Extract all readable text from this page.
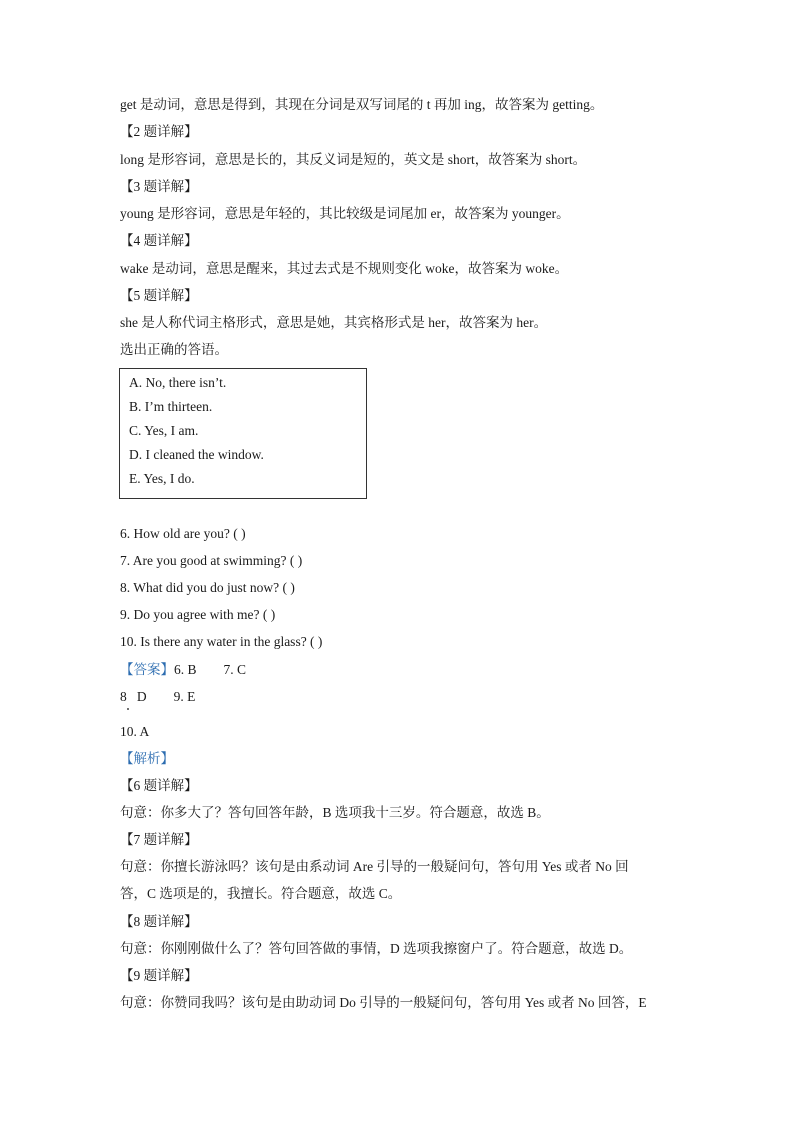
get 是动词，意思是得到，其现在分词是双写词尾的 t 再加 ing，故答案为 getting。
【2 题详解】
long 是形容词，意思是长的，其反义词是短的，英文是 short，故答案为 short。
【3 题详解】
young 是形容词，意思是年轻的，其比较级是词尾加 er，故答案为 younger。
【4 题详解】
wake 是动词，意思是醒来，其过去式是不规则变化 woke，故答案为 woke。
【5 题详解】
she 是人称代词主格形式，意思是她，其宾格形式是 her，故答案为 her。
选出正确的答语。
A. No, there isn’t.
B. I’m thirteen.
C. Yes, I am.
D. I cleaned the window.
E. Yes, I do.
6. How old are you? ( )
7. Are you good at swimming? ( )
8. What did you do just now? ( )
9. Do you agree with me? ( )
10. Is there any water in the glass? ( )
【答案】6. B        7. C
8   D        9. E
10. A
【解析】
【6 题详解】
句意：你多大了？答句回答年龄，B 选项我十三岁。符合题意，故选 B。
【7 题详解】
句意：你擅长游泳吗？该句是由系动词 Are 引导的一般疑问句，答句用 Yes 或者 No 回
答，C 选项是的，我擅长。符合题意，故选 C。
【8 题详解】
句意：你刚刚做什么了？答句回答做的事情，D 选项我擦窗户了。符合题意，故选 D。
【9 题详解】
句意：你赞同我吗？该句是由助动词 Do 引导的一般疑问句，答句用 Yes 或者 No 回答，E
